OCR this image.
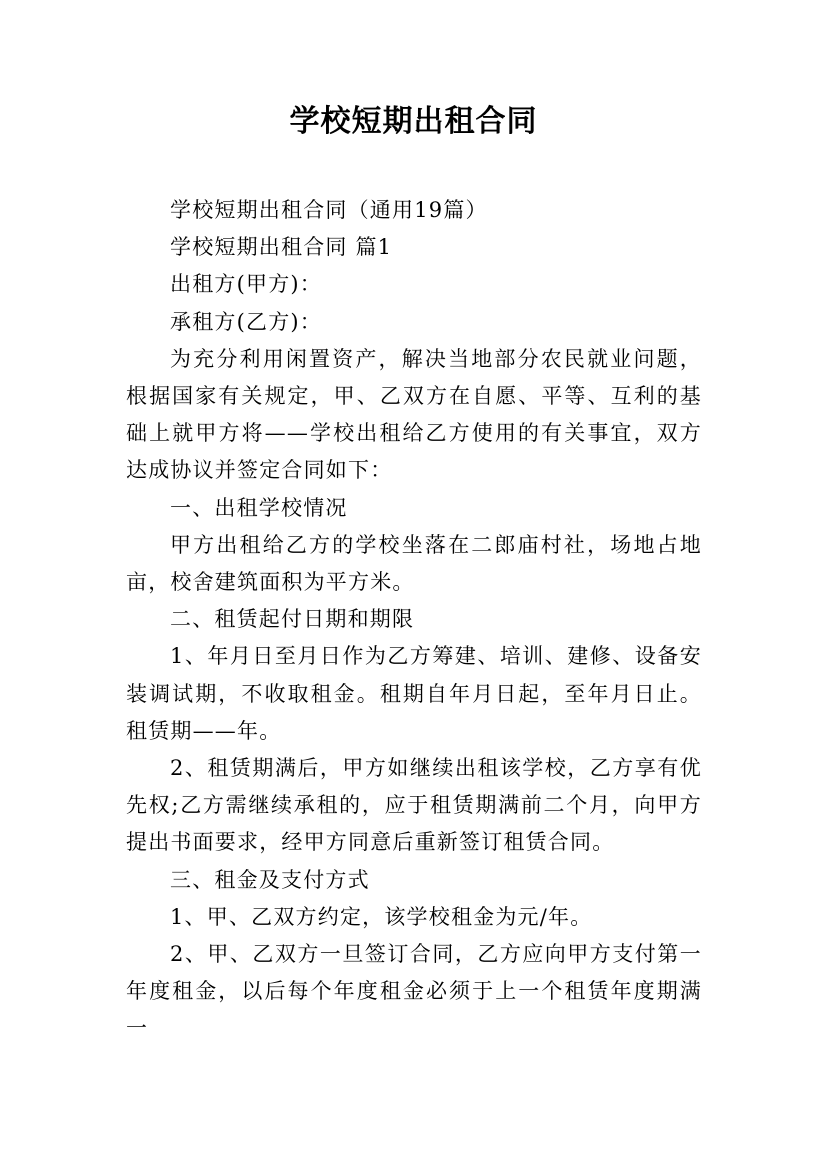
学校短期出租合同

学校短期出租合同（通用19篇）

学校短期出租合同 篇1

出租方(甲方)：

承租方(乙方)：

为充分利用闲置资产，解决当地部分农民就业问题，根据国家有关规定，甲、乙双方在自愿、平等、互利的基础上就甲方将——学校出租给乙方使用的有关事宜，双方达成协议并签定合同如下：

一、出租学校情况

甲方出租给乙方的学校坐落在二郎庙村社，场地占地亩，校舍建筑面积为平方米。

二、租赁起付日期和期限

1、年月日至月日作为乙方筹建、培训、建修、设备安装调试期，不收取租金。租期自年月日起，至年月日止。租赁期——年。

2、租赁期满后，甲方如继续出租该学校，乙方享有优先权;乙方需继续承租的，应于租赁期满前二个月，向甲方提出书面要求，经甲方同意后重新签订租赁合同。

三、租金及支付方式

1、甲、乙双方约定，该学校租金为元/年。

2、甲、乙双方一旦签订合同，乙方应向甲方支付第一年度租金，以后每个年度租金必须于上一个租赁年度期满一
